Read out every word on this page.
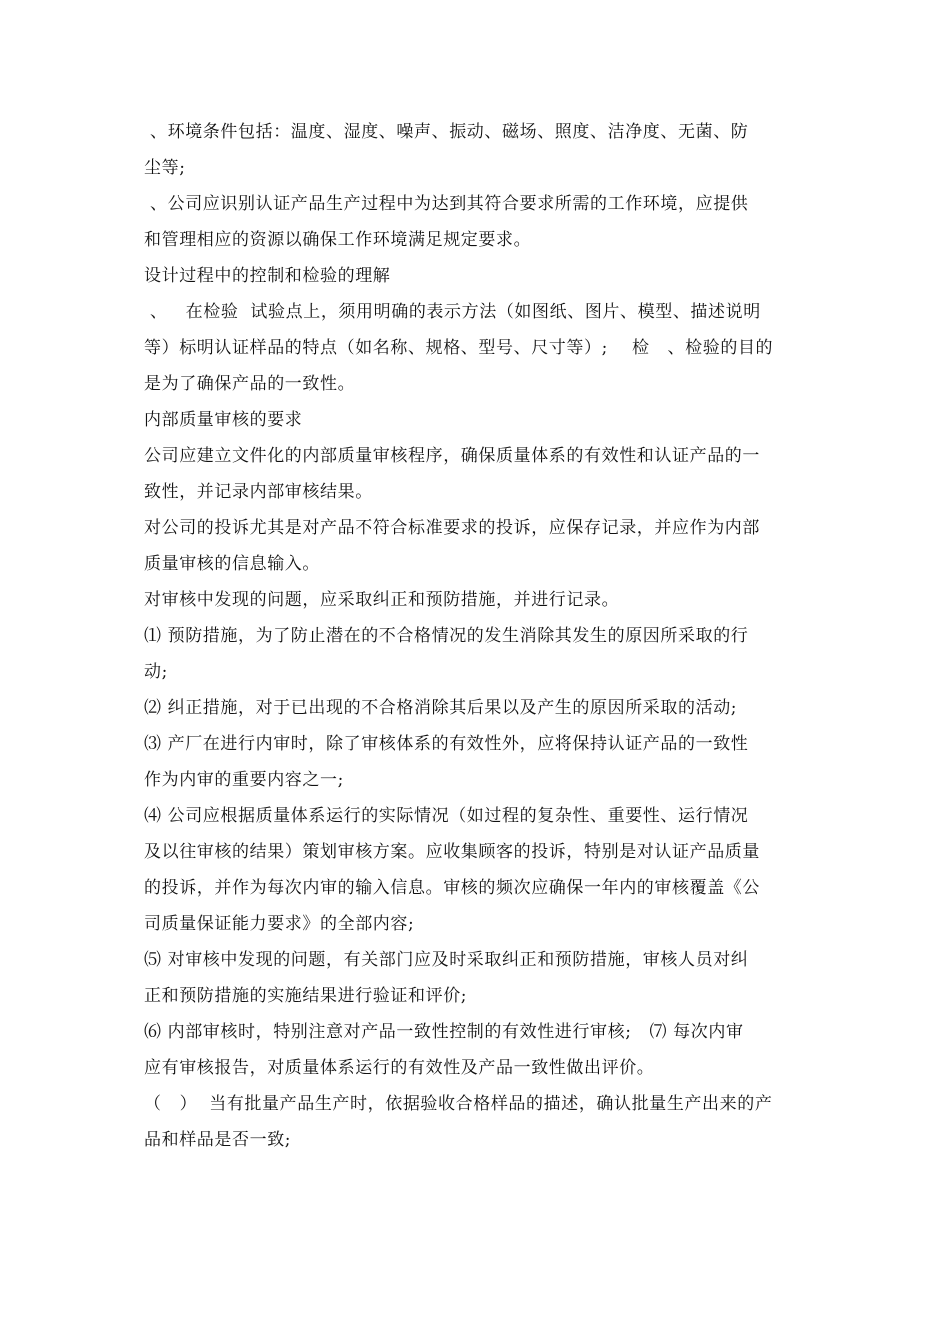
、环境条件包括：温度、湿度、噪声、振动、磁场、照度、洁净度、无菌、防

尘等;

、公司应识别认证产品生产过程中为达到其符合要求所需的工作环境，应提供

和管理相应的资源以确保工作环境满足规定要求。

设计过程中的控制和检验的理解

、   在检验  试验点上，须用明确的表示方法（如图纸、图片、模型、描述说明

等）标明认证样品的特点（如名称、规格、型号、尺寸等）;    检   、检验的目的

是为了确保产品的一致性。

内部质量审核的要求

公司应建立文件化的内部质量审核程序，确保质量体系的有效性和认证产品的一

致性，并记录内部审核结果。

对公司的投诉尤其是对产品不符合标准要求的投诉，应保存记录，并应作为内部

质量审核的信息输入。

对审核中发现的问题，应采取纠正和预防措施，并进行记录。

⑴ 预防措施，为了防止潜在的不合格情况的发生消除其发生的原因所采取的行

动;

⑵ 纠正措施，对于已出现的不合格消除其后果以及产生的原因所采取的活动;

⑶ 产厂在进行内审时，除了审核体系的有效性外，应将保持认证产品的一致性

作为内审的重要内容之一;

⑷ 公司应根据质量体系运行的实际情况（如过程的复杂性、重要性、运行情况

及以往审核的结果）策划审核方案。应收集顾客的投诉，特别是对认证产品质量

的投诉，并作为每次内审的输入信息。审核的频次应确保一年内的审核覆盖《公

司质量保证能力要求》的全部内容;

⑸ 对审核中发现的问题，有关部门应及时采取纠正和预防措施，审核人员对纠

正和预防措施的实施结果进行验证和评价;

⑹ 内部审核时，特别注意对产品一致性控制的有效性进行审核;   ⑺ 每次内审

应有审核报告，对质量体系运行的有效性及产品一致性做出评价。

（   ）  当有批量产品生产时，依据验收合格样品的描述，确认批量生产出来的产

品和样品是否一致;
